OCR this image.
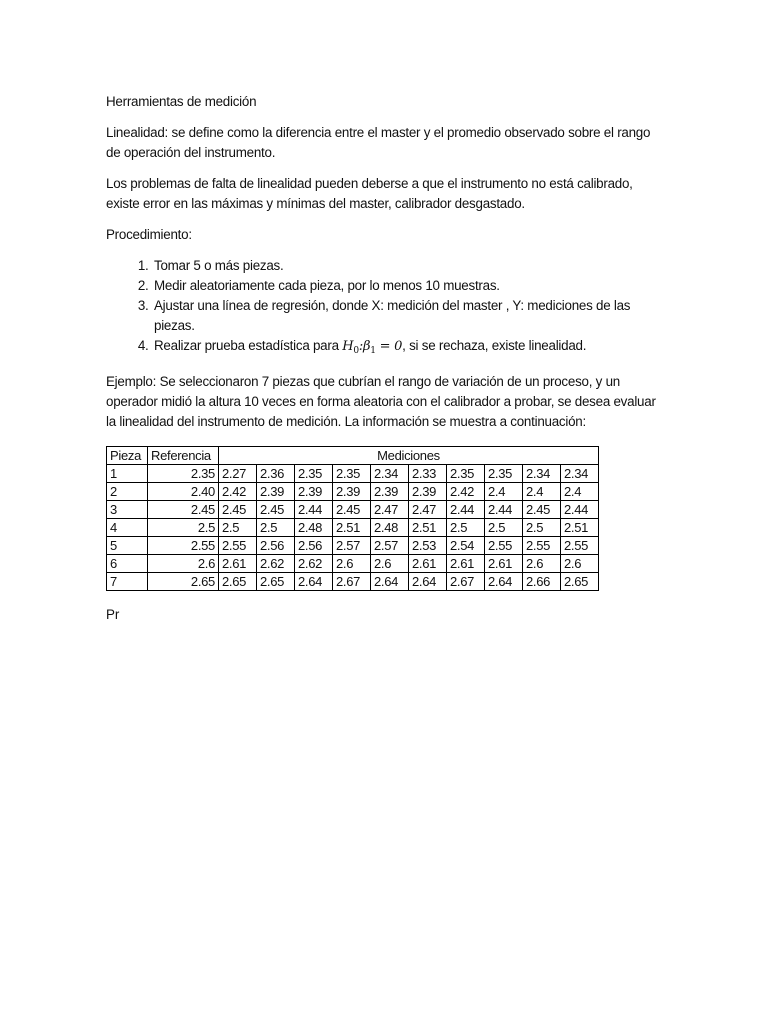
Herramientas de medición

Linealidad: se define como la diferencia entre el master y el promedio observado sobre el rango de operación del instrumento.

Los problemas de falta de linealidad pueden deberse a que el instrumento no está calibrado, existe error en las máximas y mínimas del master, calibrador desgastado.

Procedimiento:

1. Tomar 5 o más piezas.
2. Medir aleatoriamente cada pieza, por lo menos 10 muestras.
3. Ajustar una línea de regresión, donde X: medición del master , Y: mediciones de las piezas.
4. Realizar prueba estadística para $H_0:\beta_1 = 0$, si se rechaza, existe linealidad.

Ejemplo: Se seleccionaron 7 piezas que cubrían el rango de variación de un proceso, y un operador midió la altura 10 veces en forma aleatoria con el calibrador a probar, se desea evaluar la linealidad del instrumento de medición. La información se muestra a continuación:

Pieza	Referencia	Mediciones									
1	2.35	2.27	2.36	2.35	2.35	2.34	2.33	2.35	2.35	2.34	2.34
2	2.40	2.42	2.39	2.39	2.39	2.39	2.39	2.42	2.4	2.4	2.4
3	2.45	2.45	2.45	2.44	2.45	2.47	2.47	2.44	2.44	2.45	2.44
4	2.5	2.5	2.5	2.48	2.51	2.48	2.51	2.5	2.5	2.5	2.51
5	2.55	2.55	2.56	2.56	2.57	2.57	2.53	2.54	2.55	2.55	2.55
6	2.6	2.61	2.62	2.62	2.6	2.6	2.61	2.61	2.61	2.6	2.6
7	2.65	2.65	2.65	2.64	2.67	2.64	2.64	2.67	2.64	2.66	2.65
Pr
